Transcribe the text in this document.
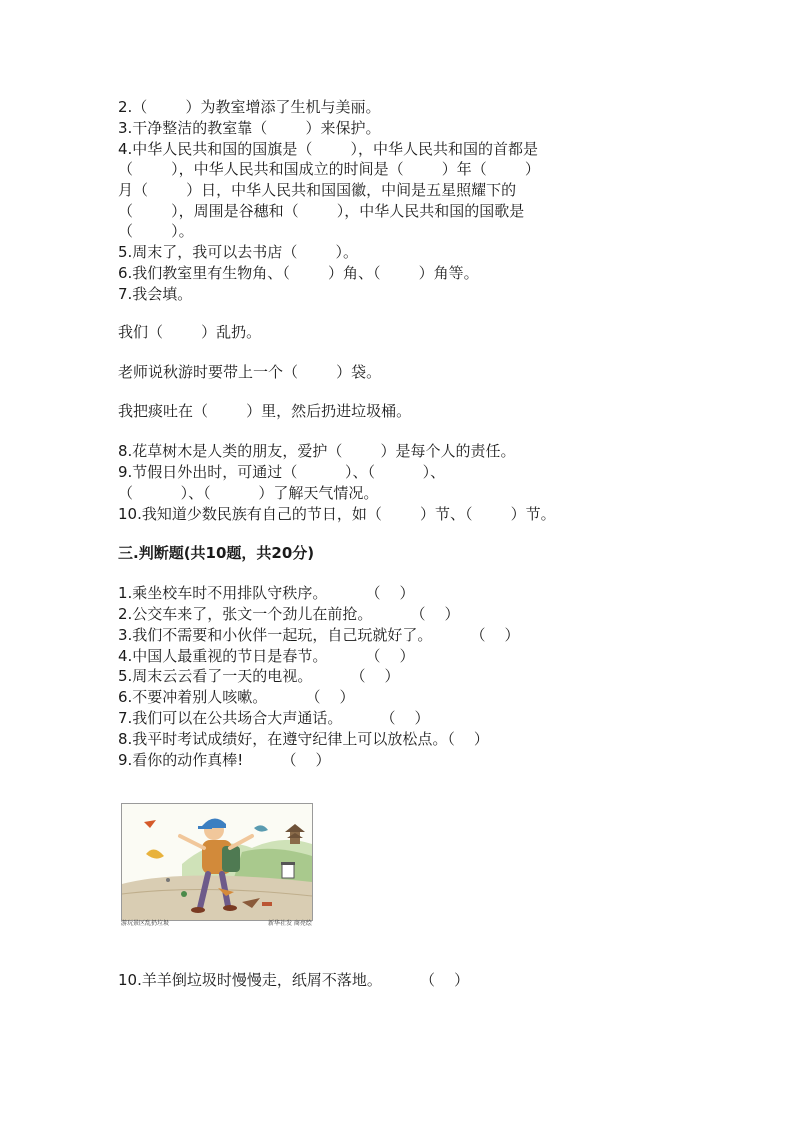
2.（        ）为教室增添了生机与美丽。
3.干净整洁的教室靠（        ）来保护。
4.中华人民共和国的国旗是（        ），中华人民共和国的首都是
（        ），中华人民共和国成立的时间是（        ）年（        ）
月（        ）日，中华人民共和国国徽，中间是五星照耀下的
（        ），周围是谷穗和（        ），中华人民共和国的国歌是
（        ）。
5.周末了，我可以去书店（        ）。
6.我们教室里有生物角、（        ）角、（        ）角等。
7.我会填。
我们（        ）乱扔。
老师说秋游时要带上一个（        ）袋。
我把痰吐在（        ）里，然后扔进垃圾桶。
8.花草树木是人类的朋友，爱护（        ）是每个人的责任。
9.节假日外出时，可通过（          ）、（          ）、
（          ）、（          ）了解天气情况。
10.我知道少数民族有自己的节日，如（        ）节、（        ）节。
三.判断题(共10题，共20分)
1.乘坐校车时不用排队守秩序。        （    ）
2.公交车来了，张文一个劲儿在前抢。        （    ）
3.我们不需要和小伙伴一起玩，自己玩就好了。        （    ）
4.中国人最重视的节日是春节。        （    ）
5.周末云云看了一天的电视。        （    ）
6.不要冲着别人咳嗽。        （    ）
7.我们可以在公共场合大声通话。        （    ）
8.我平时考试成绩好，在遵守纪律上可以放松点。（    ）
9.看你的动作真棒!        （    ）
10.羊羊倒垃圾时慢慢走，纸屑不落地。        （    ）
游玩景区乱扔垃圾	新华社发 商亮绘
